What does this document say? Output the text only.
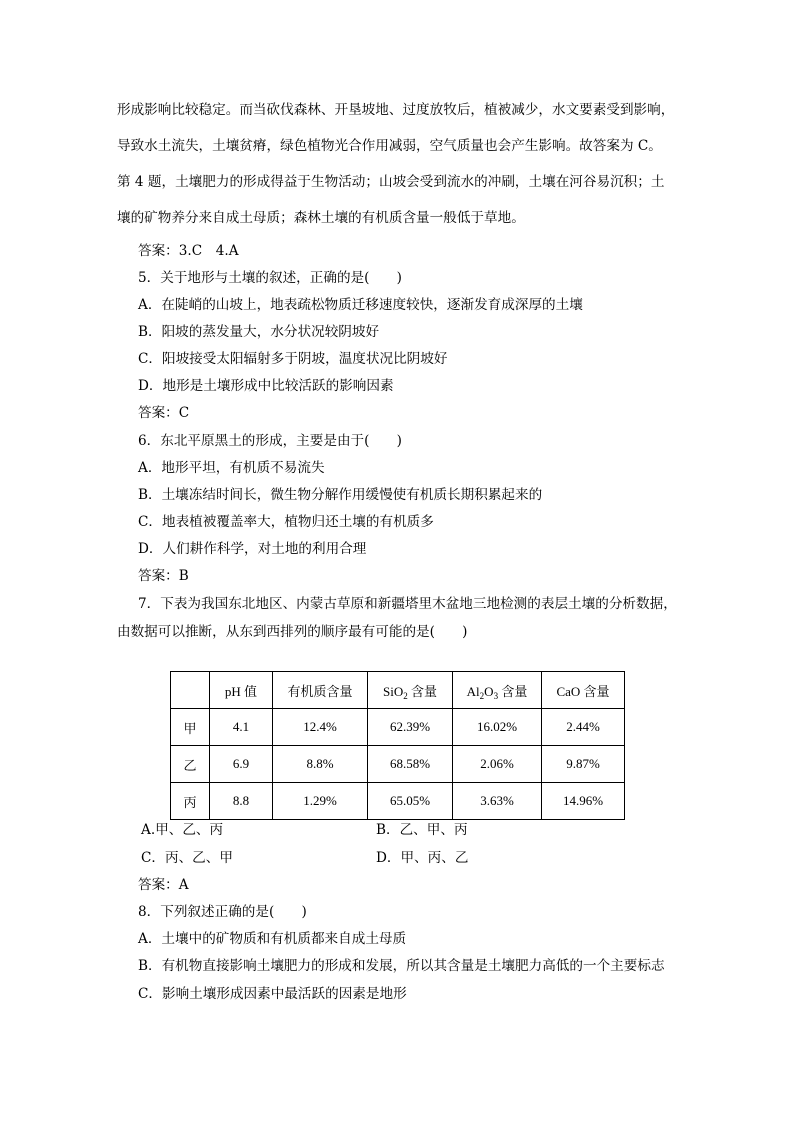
形成影响比较稳定。而当砍伐森林、开垦坡地、过度放牧后，植被减少，水文要素受到影响，
导致水土流失，土壤贫瘠，绿色植物光合作用减弱，空气质量也会产生影响。故答案为 C。
第 4 题，土壤肥力的形成得益于生物活动；山坡会受到流水的冲刷，土壤在河谷易沉积；土
壤的矿物养分来自成土母质；森林土壤的有机质含量一般低于草地。
答案：3.C　4.A
5．关于地形与土壤的叙述，正确的是(　　)
A．在陡峭的山坡上，地表疏松物质迁移速度较快，逐渐发育成深厚的土壤
B．阳坡的蒸发量大，水分状况较阴坡好
C．阳坡接受太阳辐射多于阴坡，温度状况比阴坡好
D．地形是土壤形成中比较活跃的影响因素
答案：C
6．东北平原黑土的形成，主要是由于(　　)
A．地形平坦，有机质不易流失
B．土壤冻结时间长，微生物分解作用缓慢使有机质长期积累起来的
C．地表植被覆盖率大，植物归还土壤的有机质多
D．人们耕作科学，对土地的利用合理
答案：B
7．下表为我国东北地区、内蒙古草原和新疆塔里木盆地三地检测的表层土壤的分析数据，
由数据可以推断，从东到西排列的顺序最有可能的是(　　)
	pH 值	有机质含量	SiO$_2$ 含量	$Al_2O_3$ 含量	CaO 含量
甲	4.1	12.4%	62.39%	16.02%	2.44%
乙	6.9	8.8%	68.58%	2.06%	9.87%
丙	8.8	1.29%	65.05%	3.63%	14.96%
A.甲、乙、丙	B．乙、甲、丙
C．丙、乙、甲	D．甲、丙、乙
答案：A
8．下列叙述正确的是(　　)
A．土壤中的矿物质和有机质都来自成土母质
B．有机物直接影响土壤肥力的形成和发展，所以其含量是土壤肥力高低的一个主要标志
C．影响土壤形成因素中最活跃的因素是地形
